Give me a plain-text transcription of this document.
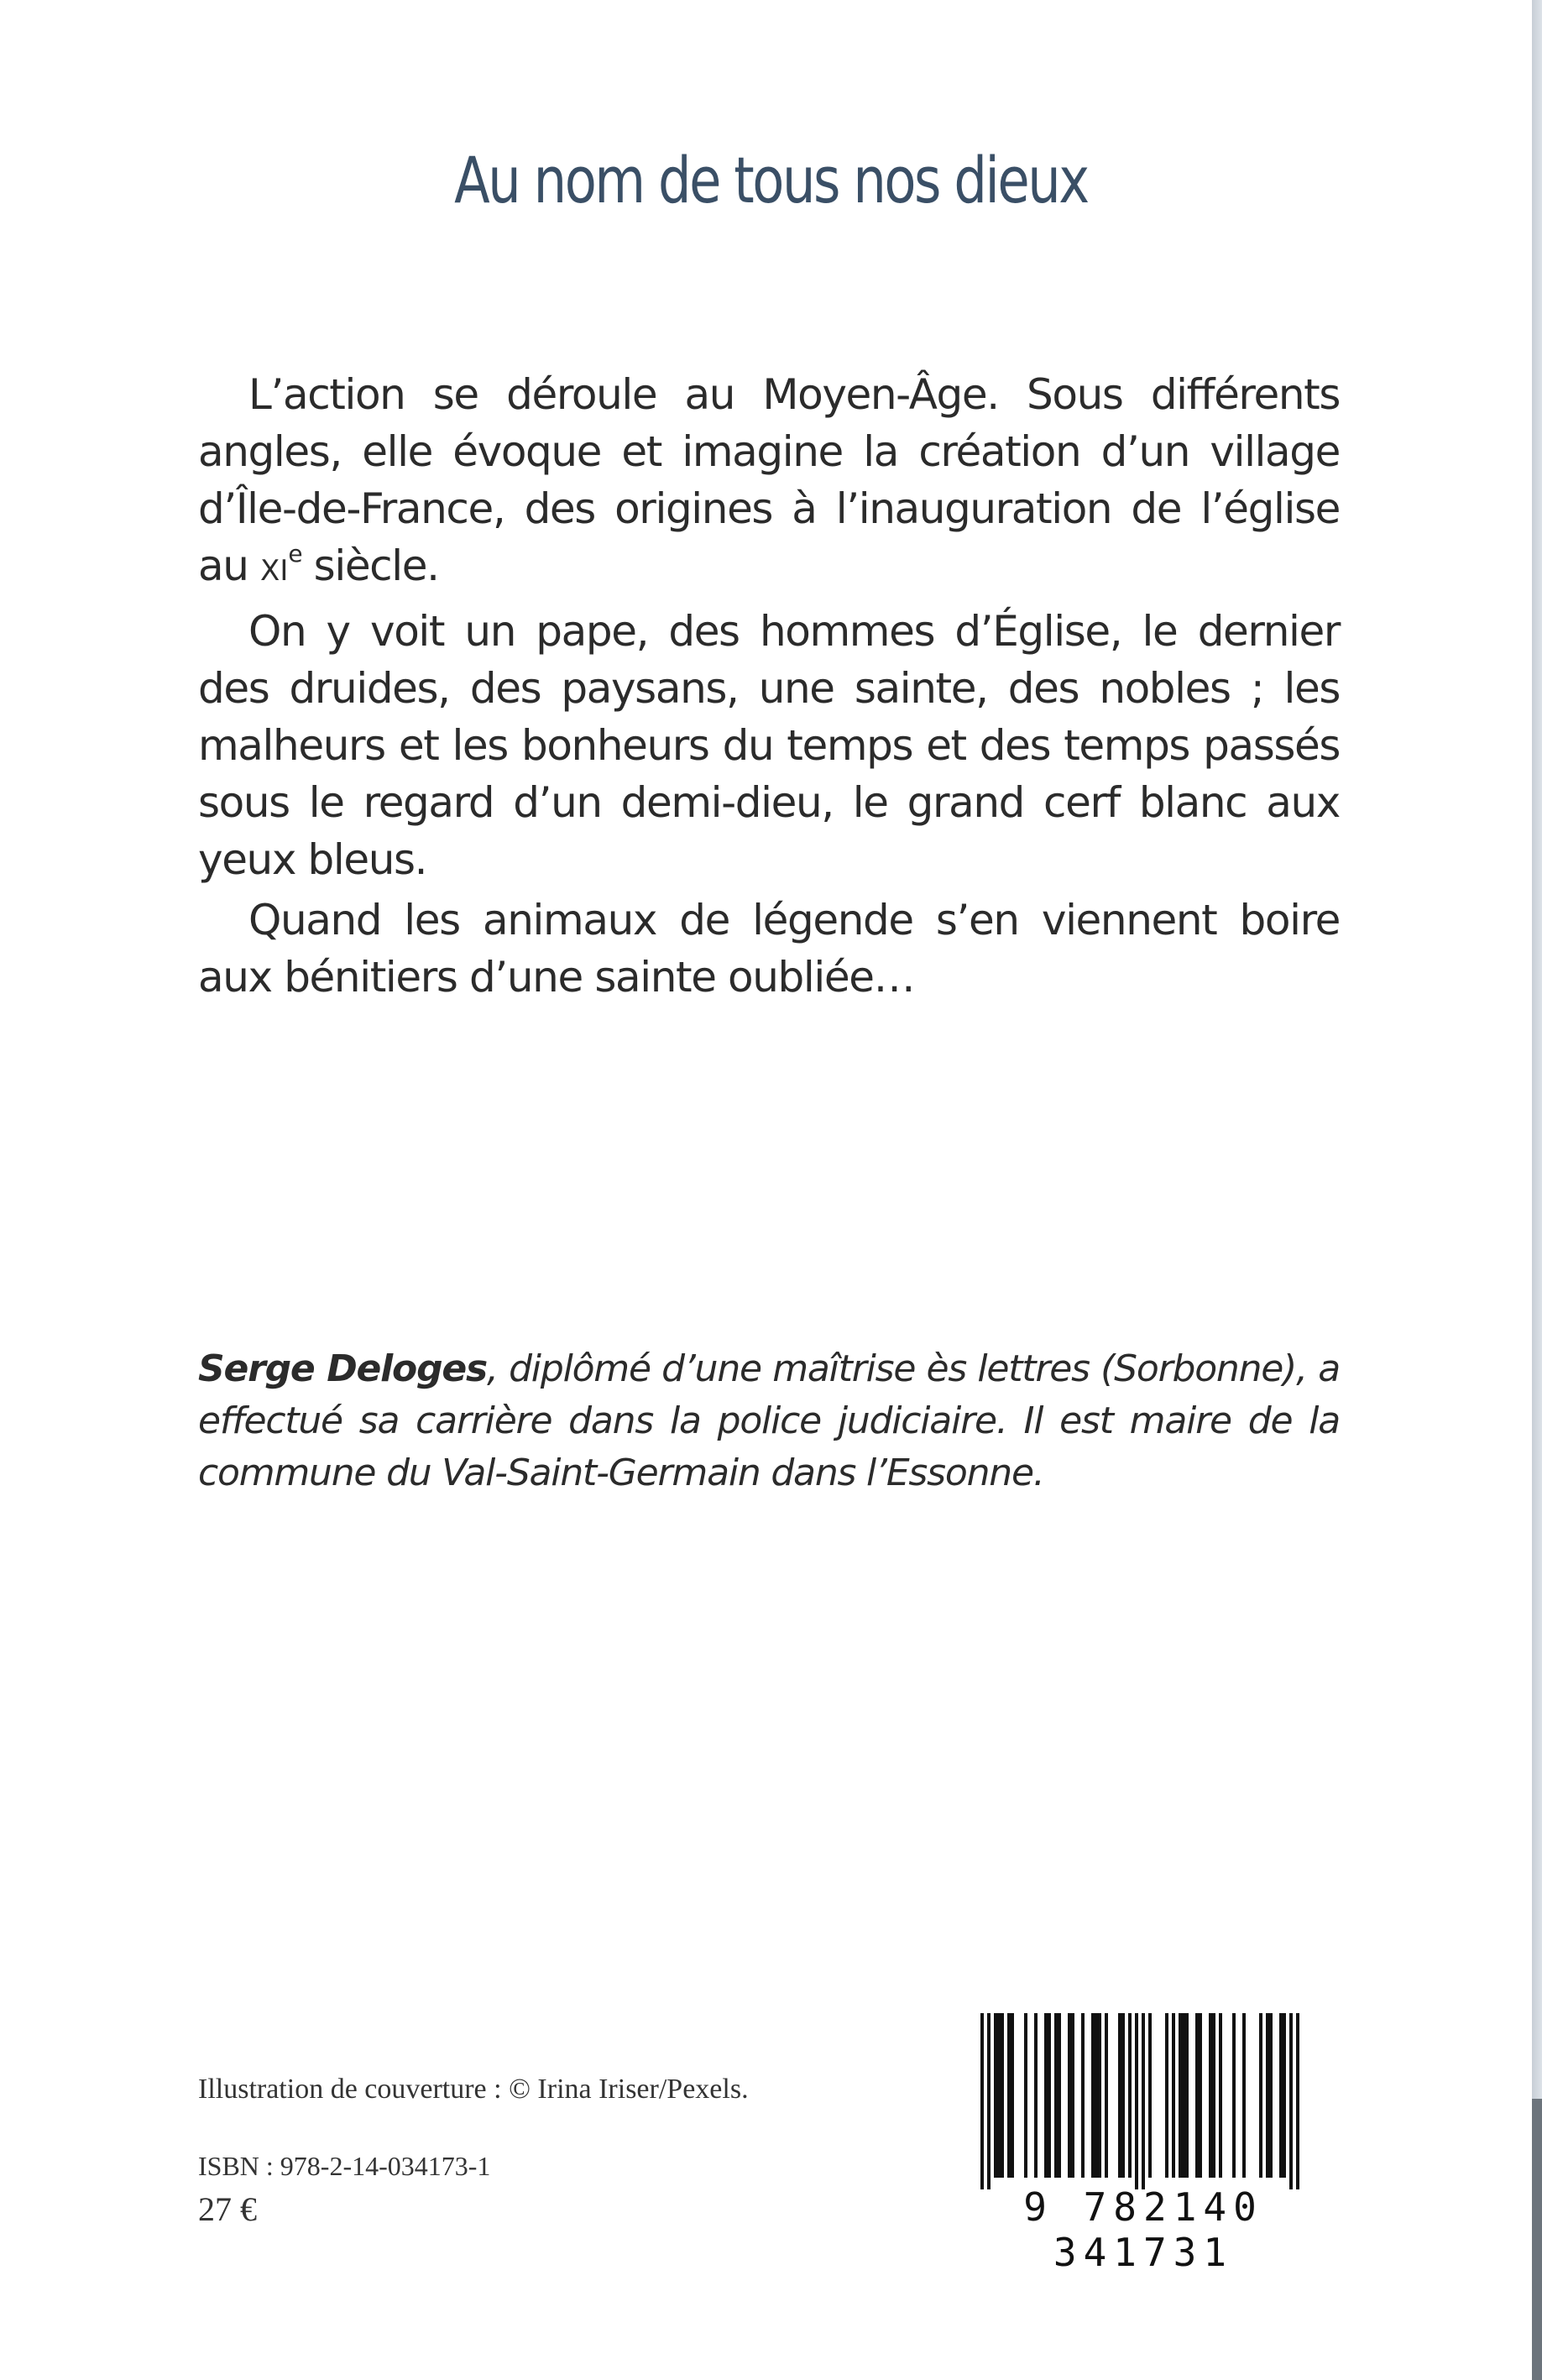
Au nom de tous nos dieux

L’action se déroule au Moyen-Âge. Sous différents angles, elle évoque et imagine la création d’un village d’Île-de-France, des origines à l’inauguration de l’église au XIe siècle.

On y voit un pape, des hommes d’Église, le dernier des druides, des paysans, une sainte, des nobles ; les malheurs et les bonheurs du temps et des temps passés sous le regard d’un demi-dieu, le grand cerf blanc aux yeux bleus.

Quand les animaux de légende s’en viennent boire aux bénitiers d’une sainte oubliée…

Serge Deloges, diplômé d’une maîtrise ès lettres (Sorbonne), a effectué sa carrière dans la police judiciaire. Il est maire de la commune du Val-Saint-Germain dans l’Essonne.
Illustration de couverture : © Irina Iriser/Pexels.
ISBN : 978-2-14-034173-1
27 €	9 782140 341731
